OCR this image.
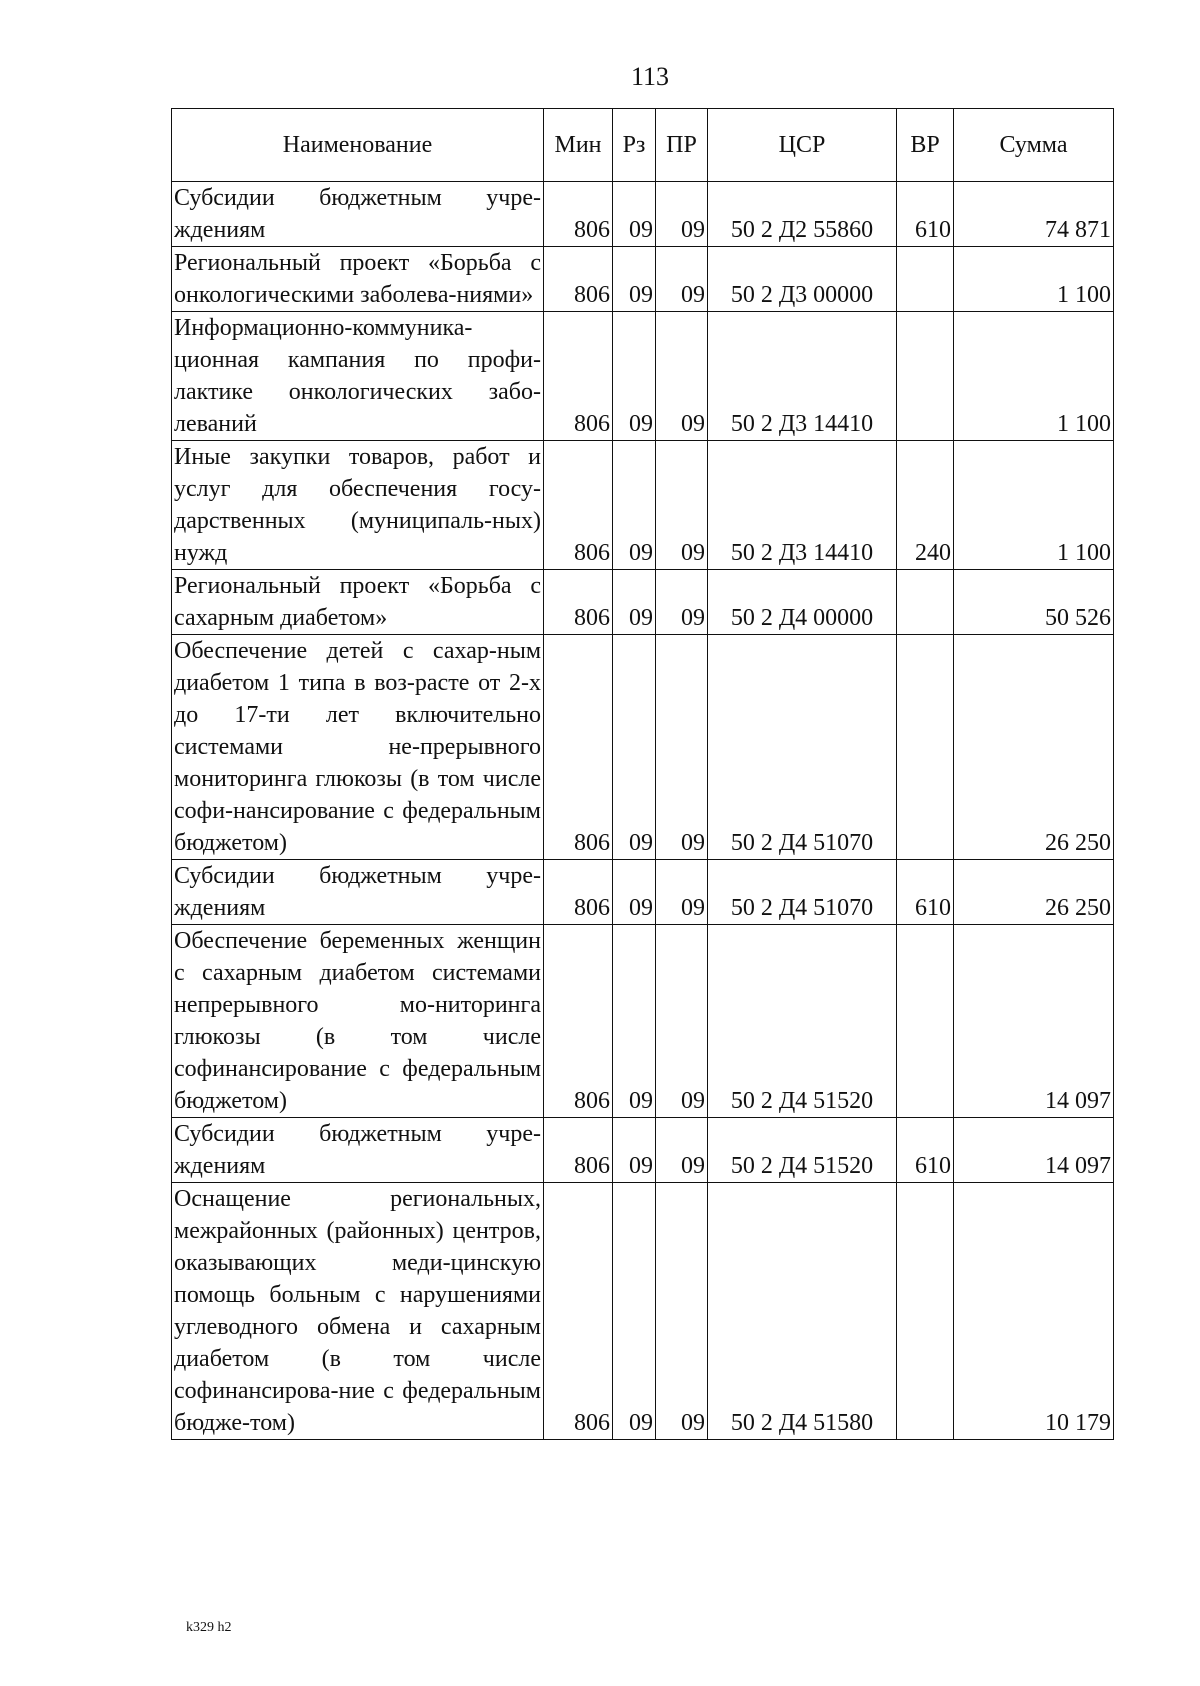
113
Наименование	Мин	Рз	ПР	ЦСР	ВР	Сумма
Субсидии бюджетным учре-ждениям	806	09	09	50 2 Д2 55860	610	74 871
Региональный проект «Борьба с онкологическими заболева-ниями»	806	09	09	50 2 Д3 00000		1 100
Информационно-коммуника-ционная кампания по профи-лактике онкологических забо-леваний	806	09	09	50 2 Д3 14410		1 100
Иные закупки товаров, работ и услуг для обеспечения госу-дарственных (муниципаль-ных) нужд	806	09	09	50 2 Д3 14410	240	1 100
Региональный проект «Борьба с сахарным диабетом»	806	09	09	50 2 Д4 00000		50 526
Обеспечение детей с сахар-ным диабетом 1 типа в воз-расте от 2-х до 17-ти лет включительно системами не-прерывного мониторинга глюкозы (в том числе софи-нансирование с федеральным бюджетом)	806	09	09	50 2 Д4 51070		26 250
Субсидии бюджетным учре-ждениям	806	09	09	50 2 Д4 51070	610	26 250
Обеспечение беременных женщин с сахарным диабетом системами непрерывного мо-ниторинга глюкозы (в том числе софинансирование с федеральным бюджетом)	806	09	09	50 2 Д4 51520		14 097
Субсидии бюджетным учре-ждениям	806	09	09	50 2 Д4 51520	610	14 097
Оснащение региональных, межрайонных (районных) центров, оказывающих меди-цинскую помощь больным с нарушениями углеводного обмена и сахарным диабетом (в том числе софинансирова-ние с федеральным бюдже-том)	806	09	09	50 2 Д4 51580		10 179
k329 h2
